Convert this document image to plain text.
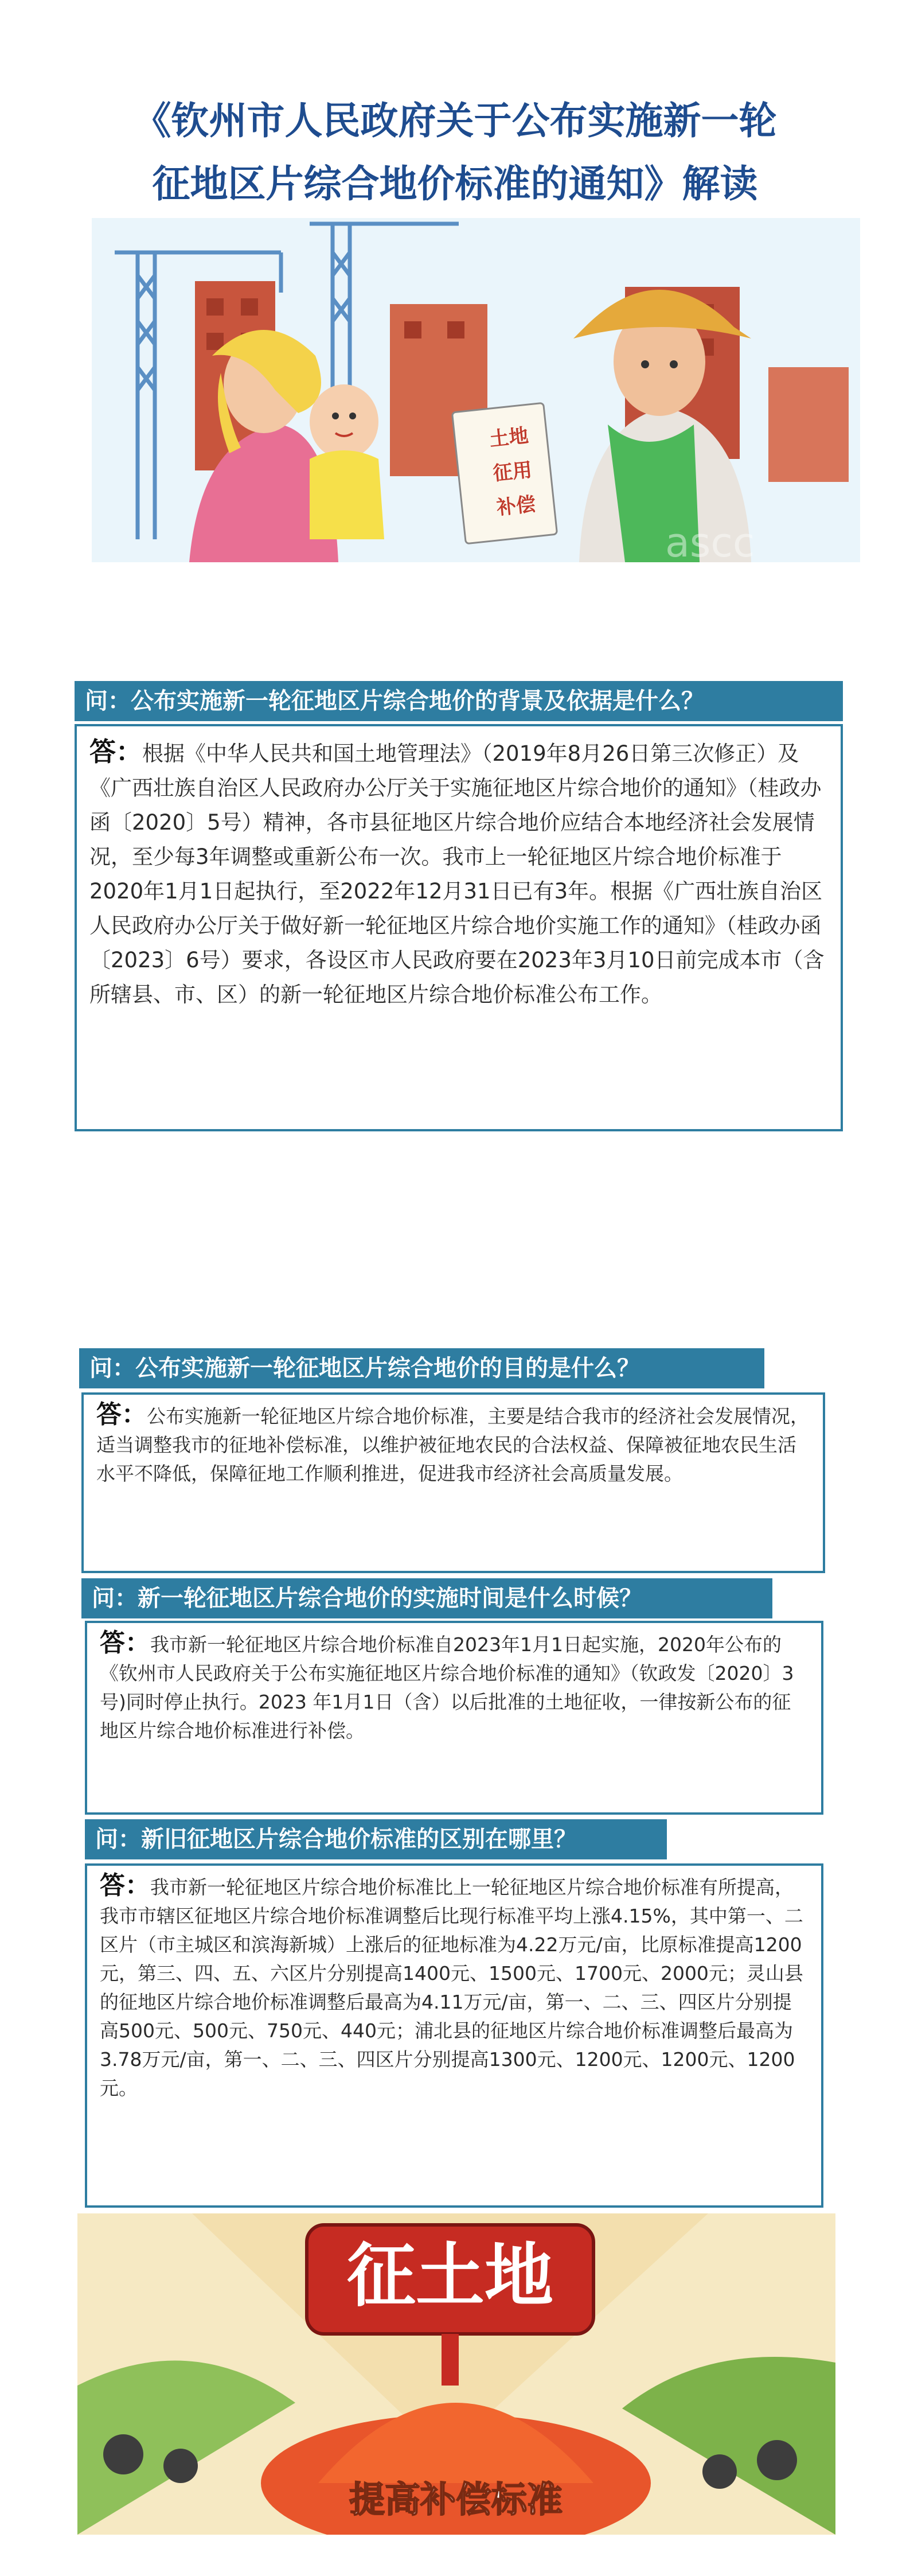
《钦州市人民政府关于公布实施新一轮
征地区片综合地价标准的通知》解读
土地
征用
补偿
ascc
问：公布实施新一轮征地区片综合地价的背景及依据是什么？
答：根据《中华人民共和国土地管理法》（2019年8月26日第三次修正）及《广西壮族自治区人民政府办公厅关于实施征地区片综合地价的通知》（桂政办函〔2020〕5号）精神，各市县征地区片综合地价应结合本地经济社会发展情况，至少每3年调整或重新公布一次。我市上一轮征地区片综合地价标准于2020年1月1日起执行，至2022年12月31日已有3年。根据《广西壮族自治区人民政府办公厅关于做好新一轮征地区片综合地价实施工作的通知》（桂政办函〔2023〕6号）要求，各设区市人民政府要在2023年3月10日前完成本市（含所辖县、市、区）的新一轮征地区片综合地价标准公布工作。
问：公布实施新一轮征地区片综合地价的目的是什么？
答：公布实施新一轮征地区片综合地价标准，主要是结合我市的经济社会发展情况，适当调整我市的征地补偿标准，以维护被征地农民的合法权益、保障被征地农民生活水平不降低，保障征地工作顺利推进，促进我市经济社会高质量发展。
问：新一轮征地区片综合地价的实施时间是什么时候？
答：我市新一轮征地区片综合地价标准自2023年1月1日起实施，2020年公布的《钦州市人民政府关于公布实施征地区片综合地价标准的通知》（钦政发〔2020〕3号)同时停止执行。2023 年1月1日（含）以后批准的土地征收，一律按新公布的征地区片综合地价标准进行补偿。
问：新旧征地区片综合地价标准的区别在哪里？
答：我市新一轮征地区片综合地价标准比上一轮征地区片综合地价标准有所提高，我市市辖区征地区片综合地价标准调整后比现行标准平均上涨4.15%，其中第一、二区片（市主城区和滨海新城）上涨后的征地标准为4.22万元/亩，比原标准提高1200元，第三、四、五、六区片分别提高1400元、1500元、1700元、2000元；灵山县的征地区片综合地价标准调整后最高为4.11万元/亩，第一、二、三、四区片分别提高500元、500元、750元、440元；浦北县的征地区片综合地价标准调整后最高为3.78万元/亩，第一、二、三、四区片分别提高1300元、1200元、1200元、1200元。
征土地
提高补偿标准
